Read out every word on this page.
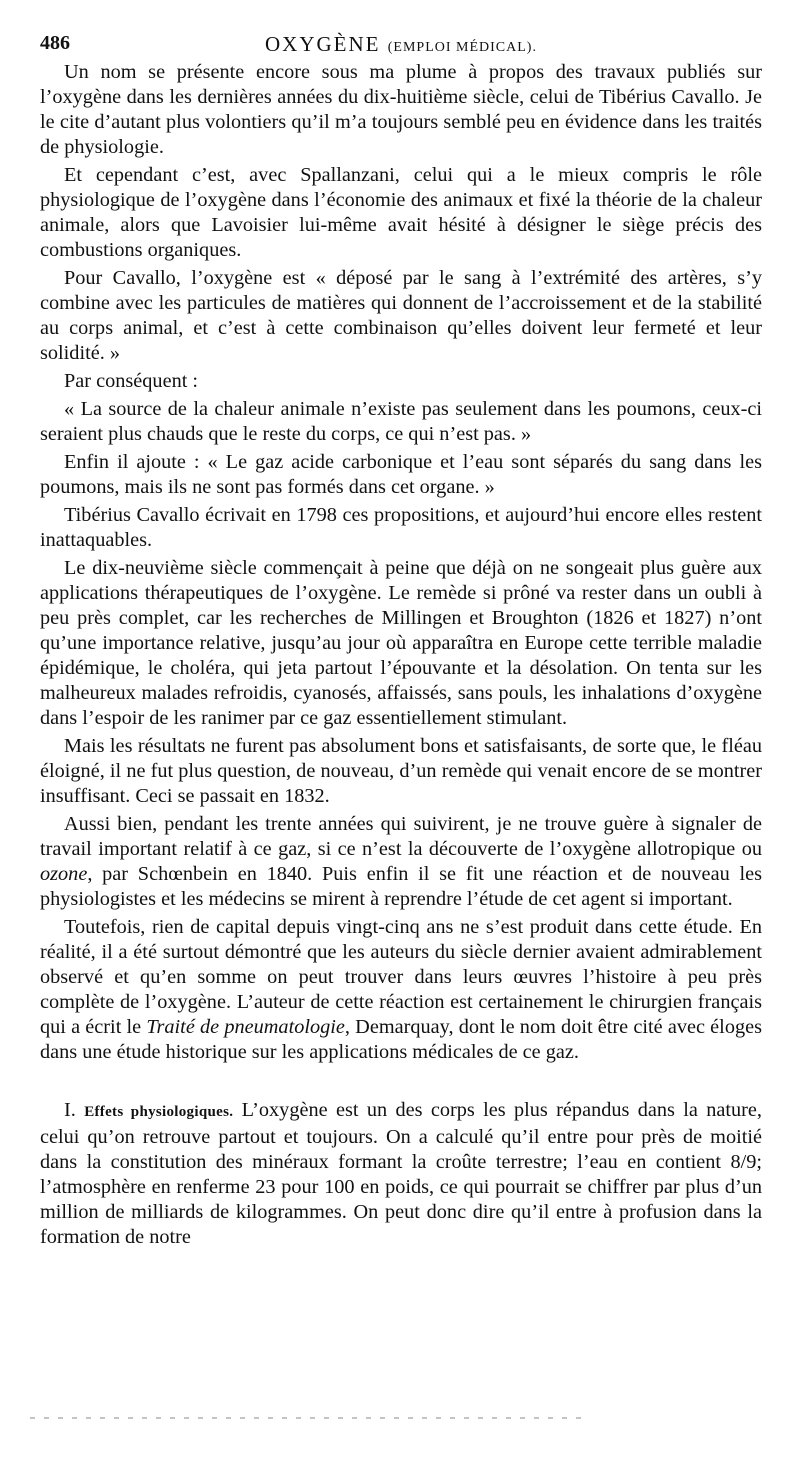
486	OXYGÈNE (EMPLOI MÉDICAL).

Un nom se présente encore sous ma plume à propos des travaux publiés sur l’oxygène dans les dernières années du dix-huitième siècle, celui de Tibérius Cavallo. Je le cite d’autant plus volontiers qu’il m’a toujours semblé peu en évidence dans les traités de physiologie.

Et cependant c’est, avec Spallanzani, celui qui a le mieux compris le rôle physiologique de l’oxygène dans l’économie des animaux et fixé la théorie de la chaleur animale, alors que Lavoisier lui-même avait hésité à désigner le siège précis des combustions organiques.

Pour Cavallo, l’oxygène est « déposé par le sang à l’extrémité des artères, s’y combine avec les particules de matières qui donnent de l’accroissement et de la stabilité au corps animal, et c’est à cette combinaison qu’elles doivent leur fermeté et leur solidité. »

Par conséquent :

« La source de la chaleur animale n’existe pas seulement dans les poumons, ceux-ci seraient plus chauds que le reste du corps, ce qui n’est pas. »

Enfin il ajoute : « Le gaz acide carbonique et l’eau sont séparés du sang dans les poumons, mais ils ne sont pas formés dans cet organe. »

Tibérius Cavallo écrivait en 1798 ces propositions, et aujourd’hui encore elles restent inattaquables.

Le dix-neuvième siècle commençait à peine que déjà on ne songeait plus guère aux applications thérapeutiques de l’oxygène. Le remède si prôné va rester dans un oubli à peu près complet, car les recherches de Millingen et Broughton (1826 et 1827) n’ont qu’une importance relative, jusqu’au jour où apparaîtra en Europe cette terrible maladie épidémique, le choléra, qui jeta partout l’épouvante et la désolation. On tenta sur les malheureux malades refroidis, cyanosés, affaissés, sans pouls, les inhalations d’oxygène dans l’espoir de les ranimer par ce gaz essentiellement stimulant.

Mais les résultats ne furent pas absolument bons et satisfaisants, de sorte que, le fléau éloigné, il ne fut plus question, de nouveau, d’un remède qui venait encore de se montrer insuffisant. Ceci se passait en 1832.

Aussi bien, pendant les trente années qui suivirent, je ne trouve guère à signaler de travail important relatif à ce gaz, si ce n’est la découverte de l’oxygène allotropique ou ozone, par Schœnbein en 1840. Puis enfin il se fit une réaction et de nouveau les physiologistes et les médecins se mirent à reprendre l’étude de cet agent si important.

Toutefois, rien de capital depuis vingt-cinq ans ne s’est produit dans cette étude. En réalité, il a été surtout démontré que les auteurs du siècle dernier avaient admirablement observé et qu’en somme on peut trouver dans leurs œuvres l’histoire à peu près complète de l’oxygène. L’auteur de cette réaction est certainement le chirurgien français qui a écrit le Traité de pneumatologie, Demarquay, dont le nom doit être cité avec éloges dans une étude historique sur les applications médicales de ce gaz.

I. Effets physiologiques. L’oxygène est un des corps les plus répandus dans la nature, celui qu’on retrouve partout et toujours. On a calculé qu’il entre pour près de moitié dans la constitution des minéraux formant la croûte terrestre; l’eau en contient 8/9; l’atmosphère en renferme 23 pour 100 en poids, ce qui pourrait se chiffrer par plus d’un million de milliards de kilogrammes. On peut donc dire qu’il entre à profusion dans la formation de notre
